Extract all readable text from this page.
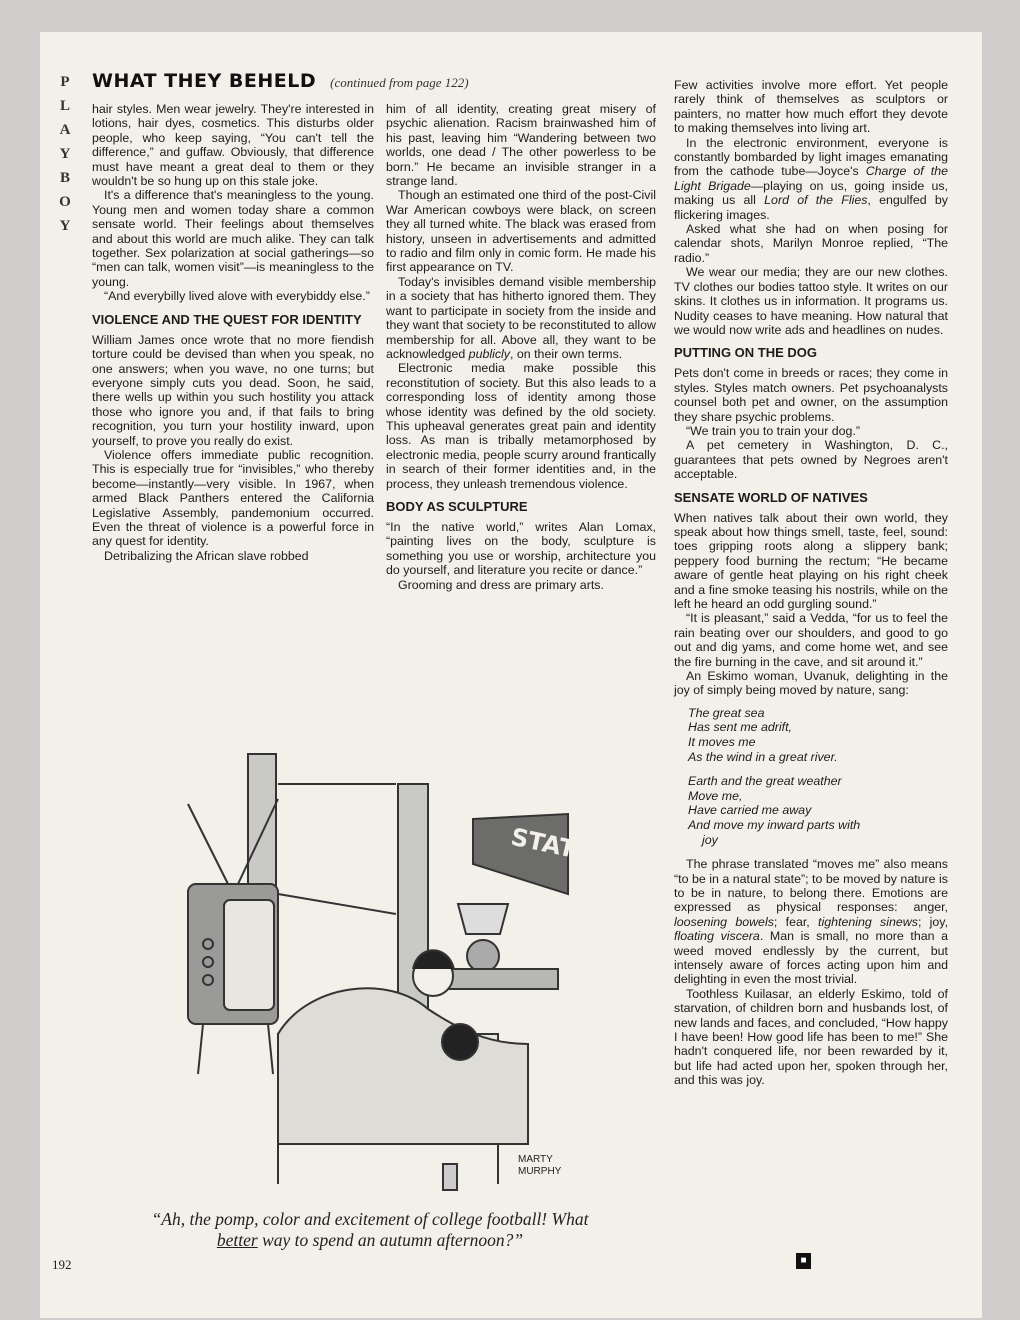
P
L
A
Y
B
O
Y
WHAT THEY BEHELD (continued from page 122)

hair styles. Men wear jewelry. They're interested in lotions, hair dyes, cosmetics. This disturbs older people, who keep saying, “You can't tell the difference,” and guffaw. Obviously, that difference must have meant a great deal to them or they wouldn't be so hung up on this stale joke.

It's a difference that's meaningless to the young. Young men and women today share a common sensate world. Their feelings about themselves and about this world are much alike. They can talk together. Sex polarization at social gatherings—so “men can talk, women visit”—is meaningless to the young.

“And everybilly lived alove with everybiddy else.”

VIOLENCE AND THE QUEST FOR IDENTITY

William James once wrote that no more fiendish torture could be devised than when you speak, no one answers; when you wave, no one turns; but everyone simply cuts you dead. Soon, he said, there wells up within you such hostility you attack those who ignore you and, if that fails to bring recognition, you turn your hostility inward, upon yourself, to prove you really do exist.

Violence offers immediate public recognition. This is especially true for “invisibles,” who thereby become—instantly—very visible. In 1967, when armed Black Panthers entered the California Legislative Assembly, pandemonium occurred. Even the threat of violence is a powerful force in any quest for identity.

Detribalizing the African slave robbed

him of all identity, creating great misery of psychic alienation. Racism brainwashed him of his past, leaving him “Wandering between two worlds, one dead / The other powerless to be born.” He became an invisible stranger in a strange land.

Though an estimated one third of the post-Civil War American cowboys were black, on screen they all turned white. The black was erased from history, unseen in advertisements and admitted to radio and film only in comic form. He made his first appearance on TV.

Today's invisibles demand visible membership in a society that has hitherto ignored them. They want to participate in society from the inside and they want that society to be reconstituted to allow membership for all. Above all, they want to be acknowledged publicly, on their own terms.

Electronic media make possible this reconstitution of society. But this also leads to a corresponding loss of identity among those whose identity was defined by the old society. This upheaval generates great pain and identity loss. As man is tribally metamorphosed by electronic media, people scurry around frantically in search of their former identities and, in the process, they unleash tremendous violence.

BODY AS SCULPTURE

“In the native world,” writes Alan Lomax, “painting lives on the body, sculpture is something you use or worship, architecture you do yourself, and literature you recite or dance.”

Grooming and dress are primary arts.

Few activities involve more effort. Yet people rarely think of themselves as sculptors or painters, no matter how much effort they devote to making themselves into living art.

In the electronic environment, everyone is constantly bombarded by light images emanating from the cathode tube—Joyce's Charge of the Light Brigade—playing on us, going inside us, making us all Lord of the Flies, engulfed by flickering images.

Asked what she had on when posing for calendar shots, Marilyn Monroe replied, “The radio.”

We wear our media; they are our new clothes. TV clothes our bodies tattoo style. It writes on our skins. It clothes us in information. It programs us. Nudity ceases to have meaning. How natural that we would now write ads and headlines on nudes.

PUTTING ON THE DOG

Pets don't come in breeds or races; they come in styles. Styles match owners. Pet psychoanalysts counsel both pet and owner, on the assumption they share psychic problems.

“We train you to train your dog.”

A pet cemetery in Washington, D. C., guarantees that pets owned by Negroes aren't acceptable.

SENSATE WORLD OF NATIVES

When natives talk about their own world, they speak about how things smell, taste, feel, sound: toes gripping roots along a slippery bank; peppery food burning the rectum; “He became aware of gentle heat playing on his right cheek and a fine smoke teasing his nostrils, while on the left he heard an odd gurgling sound.”

“It is pleasant,” said a Vedda, “for us to feel the rain beating over our shoulders, and good to go out and dig yams, and come home wet, and see the fire burning in the cave, and sit around it.”

An Eskimo woman, Uvanuk, delighting in the joy of simply being moved by nature, sang:

The great sea
Has sent me adrift,
It moves me
As the wind in a great river.
Earth and the great weather
Move me,
Have carried me away
And move my inward parts with
joy

The phrase translated “moves me” also means “to be in a natural state”; to be moved by nature is to be in nature, to belong there. Emotions are expressed as physical responses: anger, loosening bowels; fear, tightening sinews; joy, floating viscera. Man is small, no more than a weed moved endlessly by the current, but intensely aware of forces acting upon him and delighting in even the most trivial.

Toothless Kuilasar, an elderly Eskimo, told of starvation, of children born and husbands lost, of new lands and faces, and concluded, “How happy I have been! How good life has been to me!” She hadn't conquered life, nor been rewarded by it, but life had acted upon her, spoken through her, and this was joy.

STATE
MARTY
MURPHY
“Ah, the pomp, color and excitement of college football! What better way to spend an autumn afternoon?”
192	■
